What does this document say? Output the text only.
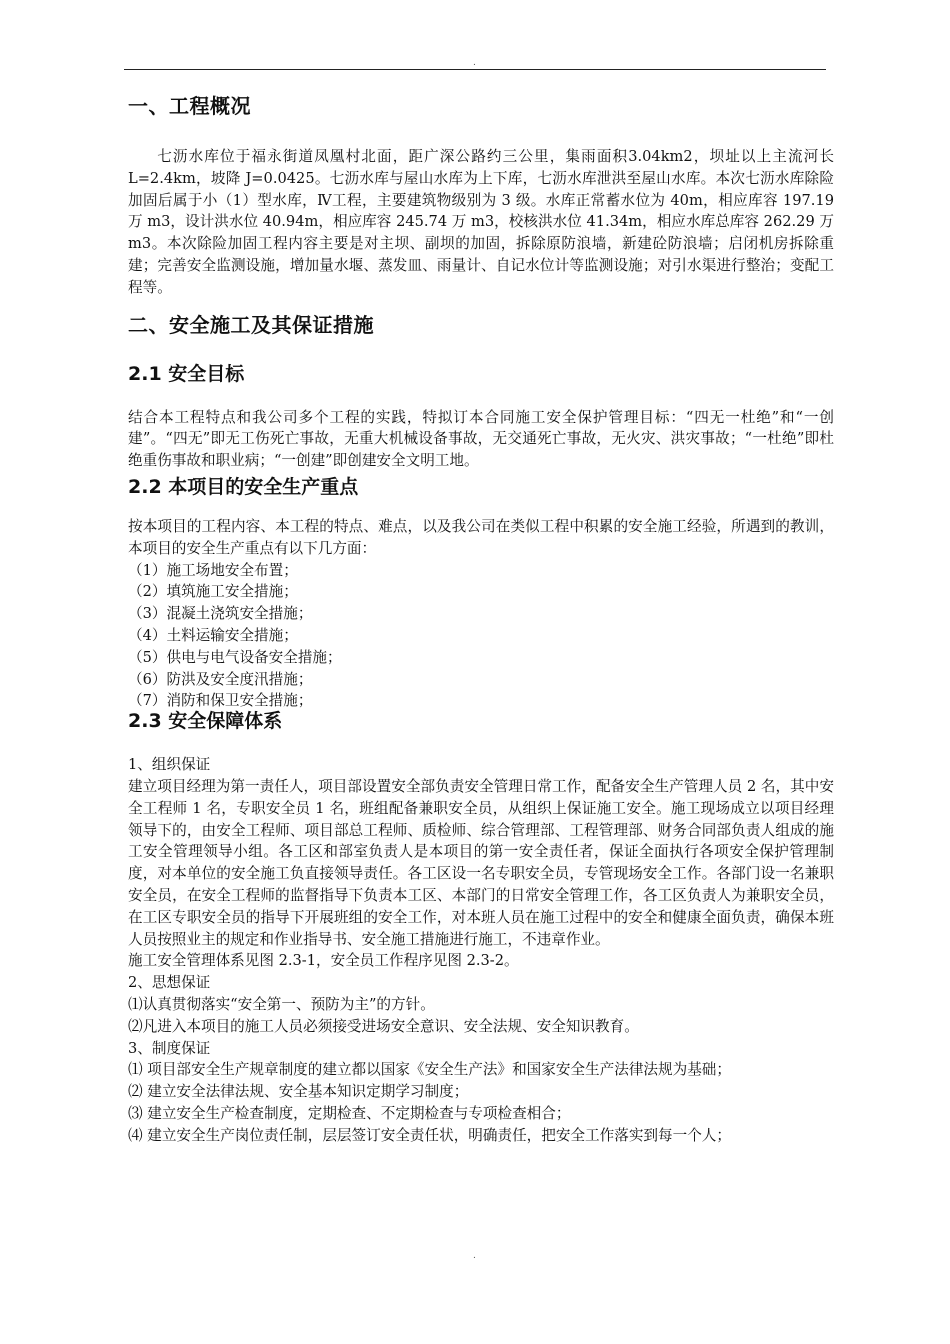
.
一、工程概况

七沥水库位于福永街道凤凰村北面，距广深公路约三公里，集雨面积3.04km2，坝址以上主流河长 L=2.4km，坡降 J=0.0425。七沥水库与屋山水库为上下库，七沥水库泄洪至屋山水库。本次七沥水库除险加固后属于小（1）型水库，Ⅳ工程，主要建筑物级别为 3 级。水库正常蓄水位为 40m，相应库容 197.19 万 m3，设计洪水位 40.94m，相应库容 245.74 万 m3，校核洪水位 41.34m，相应水库总库容 262.29 万 m3。本次除险加固工程内容主要是对主坝、副坝的加固，拆除原防浪墙，新建砼防浪墙；启闭机房拆除重建；完善安全监测设施，增加量水堰、蒸发皿、雨量计、自记水位计等监测设施；对引水渠进行整治；变配工程等。

二、安全施工及其保证措施
2.1 安全目标

结合本工程特点和我公司多个工程的实践，特拟订本合同施工安全保护管理目标：“四无一杜绝”和“一创建”。“四无”即无工伤死亡事故，无重大机械设备事故，无交通死亡事故，无火灾、洪灾事故；“一杜绝”即杜绝重伤事故和职业病；“一创建”即创建安全文明工地。

2.2 本项目的安全生产重点

按本项目的工程内容、本工程的特点、难点，以及我公司在类似工程中积累的安全施工经验，所遇到的教训，本项目的安全生产重点有以下几方面：

（1）施工场地安全布置；
（2）填筑施工安全措施；
（3）混凝土浇筑安全措施；
（4）土料运输安全措施；
（5）供电与电气设备安全措施；
（6）防洪及安全度汛措施；
（7）消防和保卫安全措施；
2.3 安全保障体系

1、组织保证

建立项目经理为第一责任人，项目部设置安全部负责安全管理日常工作，配备安全生产管理人员 2 名，其中安全工程师 1 名，专职安全员 1 名，班组配备兼职安全员，从组织上保证施工安全。施工现场成立以项目经理领导下的，由安全工程师、项目部总工程师、质检师、综合管理部、工程管理部、财务合同部负责人组成的施工安全管理领导小组。各工区和部室负责人是本项目的第一安全责任者，保证全面执行各项安全保护管理制度，对本单位的安全施工负直接领导责任。各工区设一名专职安全员，专管现场安全工作。各部门设一名兼职安全员，在安全工程师的监督指导下负责本工区、本部门的日常安全管理工作，各工区负责人为兼职安全员，在工区专职安全员的指导下开展班组的安全工作，对本班人员在施工过程中的安全和健康全面负责，确保本班人员按照业主的规定和作业指导书、安全施工措施进行施工，不违章作业。

施工安全管理体系见图 2.3-1，安全员工作程序见图 2.3-2。

2、思想保证

⑴认真贯彻落实“安全第一、预防为主”的方针。
⑵凡进入本项目的施工人员必须接受进场安全意识、安全法规、安全知识教育。

3、制度保证

⑴ 项目部安全生产规章制度的建立都以国家《安全生产法》和国家安全生产法律法规为基础；
⑵ 建立安全法律法规、安全基本知识定期学习制度；
⑶ 建立安全生产检查制度，定期检查、不定期检查与专项检查相合；
⑷ 建立安全生产岗位责任制，层层签订安全责任状，明确责任，把安全工作落实到每一个人；
.
